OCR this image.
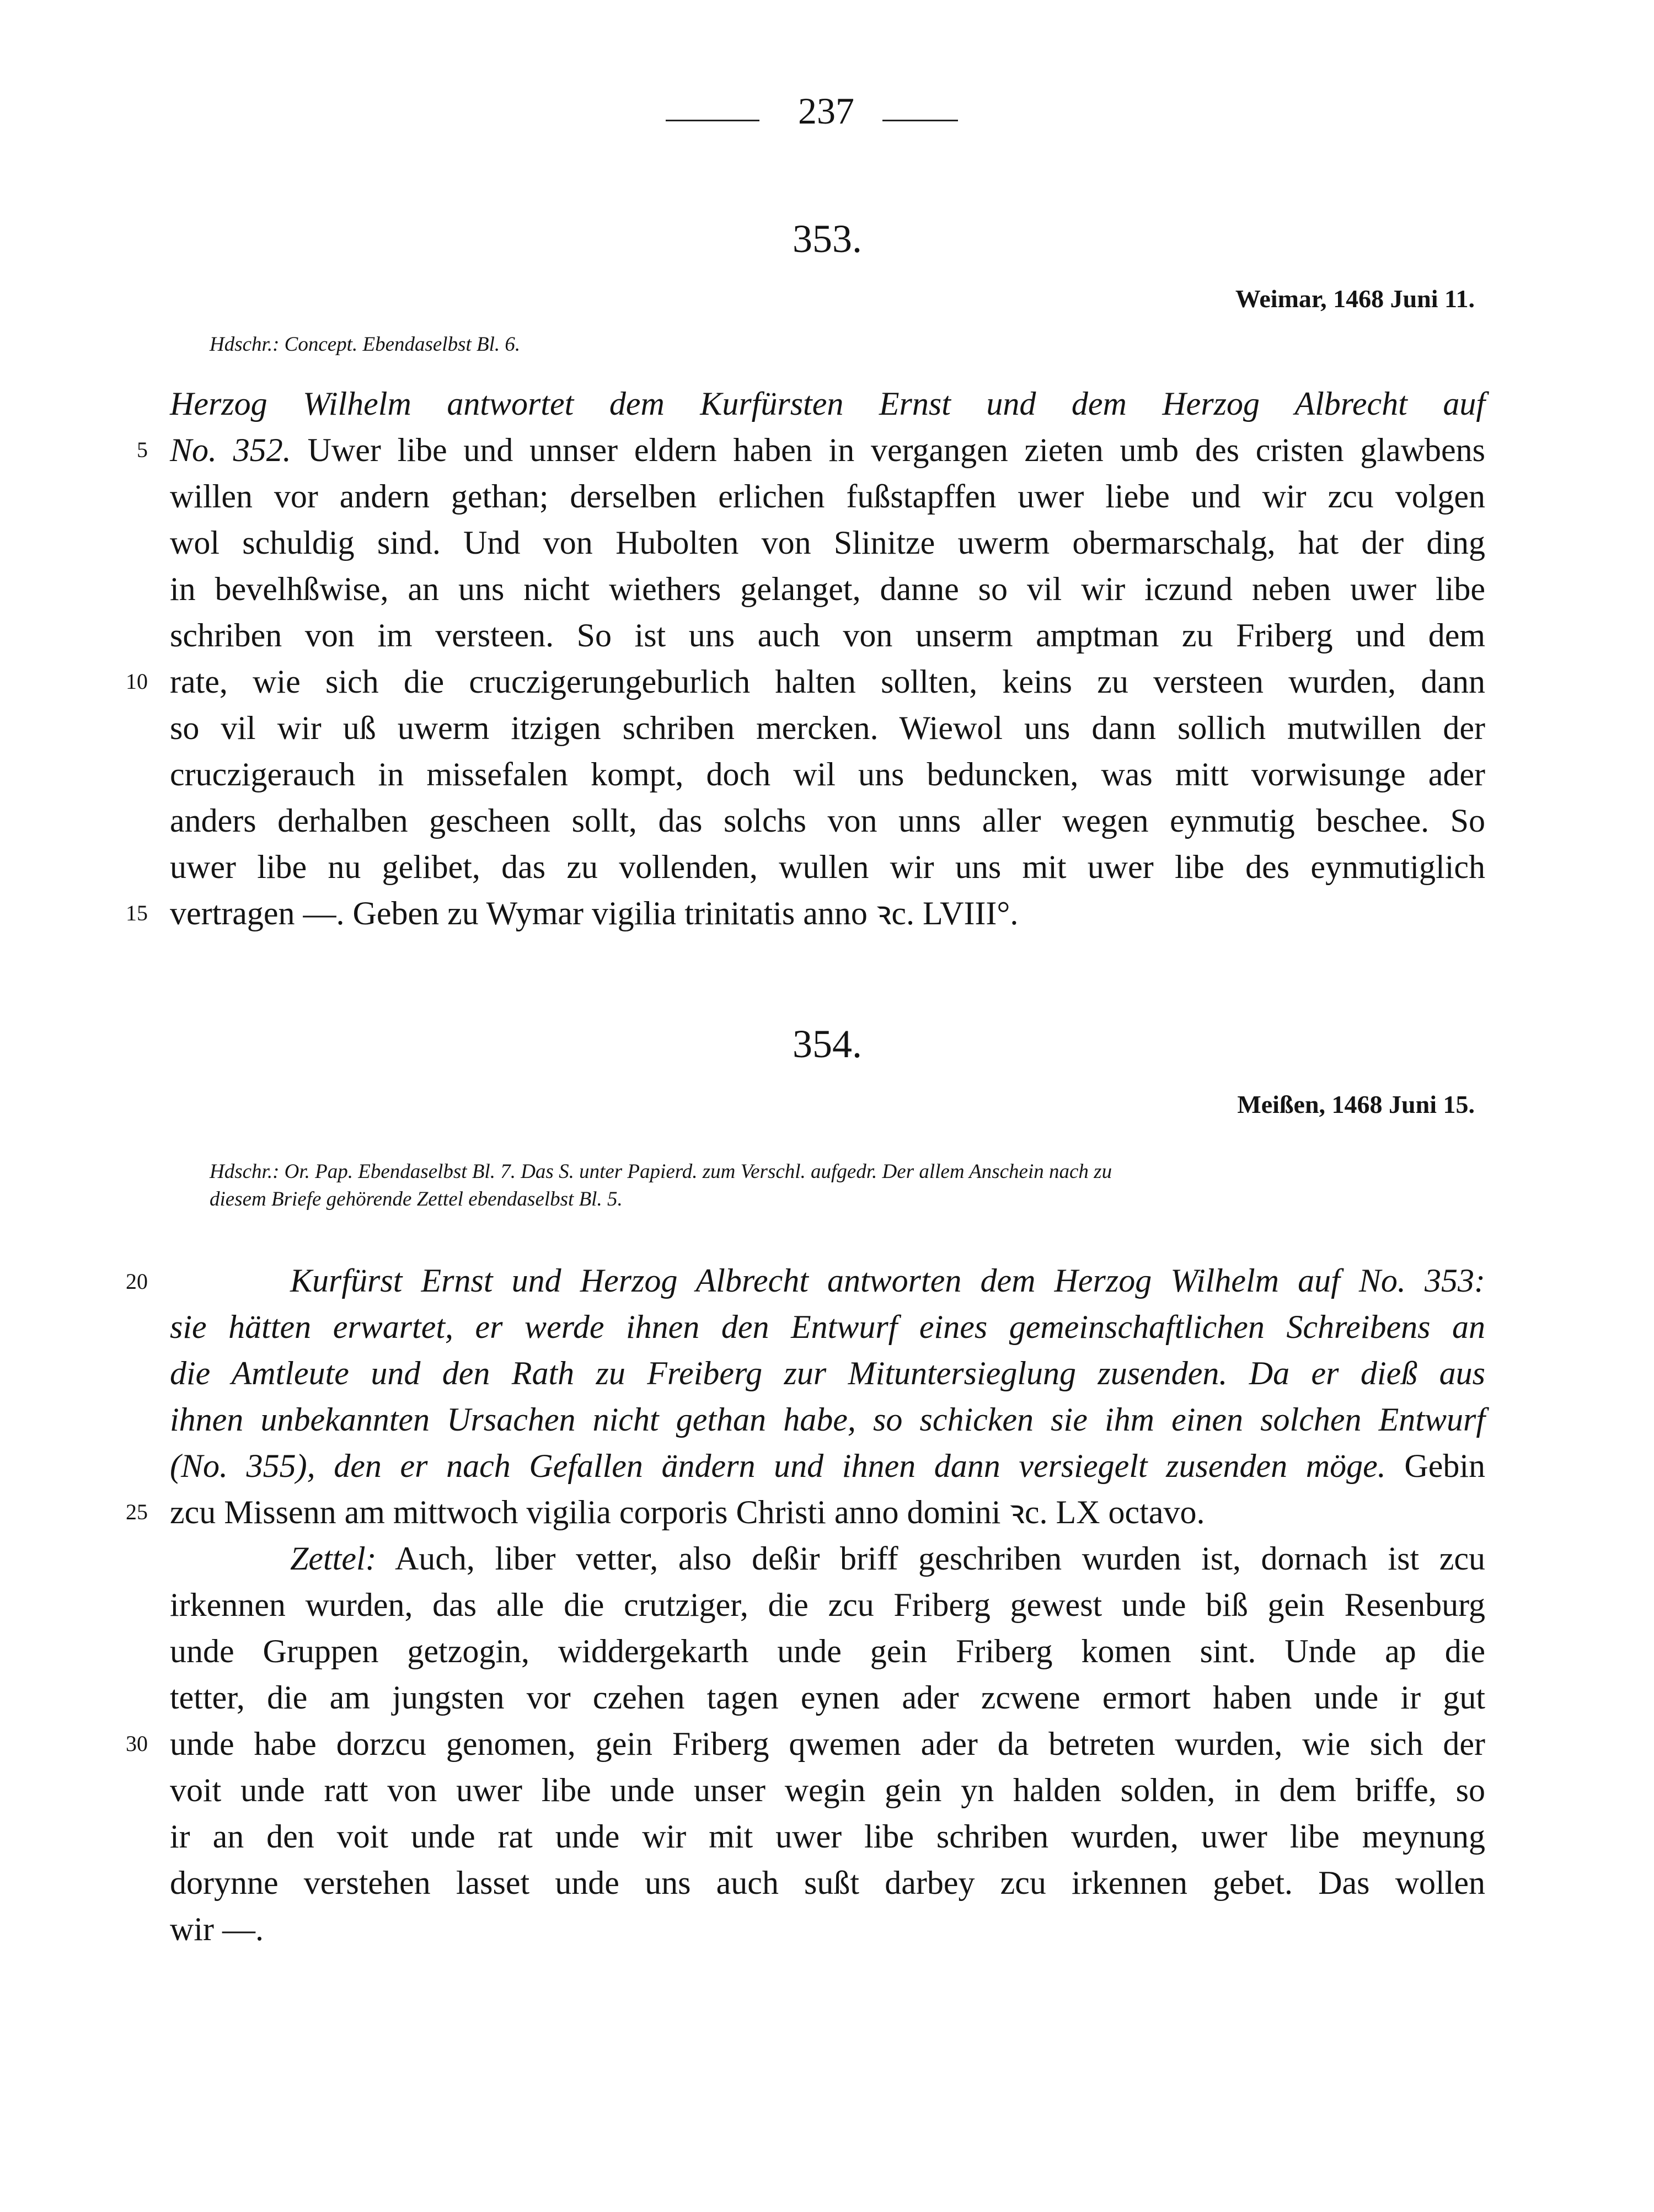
237
353.
Weimar, 1468 Juni 11.
Hdschr.: Concept. Ebendaselbst Bl. 6.
Herzog Wilhelm antwortet dem Kurfürsten Ernst und dem Herzog Albrecht auf
5 No. 352. Uwer libe und unnser eldern haben in vergangen zieten umb des cristen glawbens
willen vor andern gethan; derselben erlichen fußstapffen uwer liebe und wir zcu volgen
wol schuldig sind. Und von Hubolten von Slinitze uwerm obermarschalg, hat der ding
in bevelhßwise, an uns nicht wiethers gelanget, danne so vil wir iczund neben uwer libe
schriben von im versteen. So ist uns auch von unserm amptman zu Friberg und dem
10 rate, wie sich die cruczigerungeburlich halten sollten, keins zu versteen wurden, dann
so vil wir uß uwerm itzigen schriben mercken. Wiewol uns dann sollich mutwillen der
cruczigerauch in missefalen kompt, doch wil uns beduncken, was mitt vorwisunge ader
anders derhalben gescheen sollt, das solchs von unns aller wegen eynmutig beschee. So
uwer libe nu gelibet, das zu vollenden, wullen wir uns mit uwer libe des eynmutiglich
15 vertragen —. Geben zu Wymar vigilia trinitatis anno ꝛc. LVIII°.
354.
Meißen, 1468 Juni 15.
Hdschr.: Or. Pap. Ebendaselbst Bl. 7. Das S. unter Papierd. zum Verschl. aufgedr. Der allem Anschein nach zu
diesem Briefe gehörende Zettel ebendaselbst Bl. 5.
20	Kurfürst Ernst und Herzog Albrecht antworten dem Herzog Wilhelm auf No. 353:
sie hätten erwartet, er werde ihnen den Entwurf eines gemeinschaftlichen Schreibens an
die Amtleute und den Rath zu Freiberg zur Mituntersieglung zusenden. Da er dieß aus
ihnen unbekannten Ursachen nicht gethan habe, so schicken sie ihm einen solchen Entwurf
(No. 355), den er nach Gefallen ändern und ihnen dann versiegelt zusenden möge. Gebin
25 zcu Missenn am mittwoch vigilia corporis Christi anno domini ꝛc. LX octavo.
Zettel: Auch, liber vetter, also deßir briff geschriben wurden ist, dornach ist zcu
irkennen wurden, das alle die crutziger, die zcu Friberg gewest unde biß gein Resenburg
unde Gruppen getzogin, widdergekarth unde gein Friberg komen sint. Unde ap die
tetter, die am jungsten vor czehen tagen eynen ader zcwene ermort haben unde ir gut
30 unde habe dorzcu genomen, gein Friberg qwemen ader da betreten wurden, wie sich der
voit unde ratt von uwer libe unde unser wegin gein yn halden solden, in dem briffe, so
ir an den voit unde rat unde wir mit uwer libe schriben wurden, uwer libe meynung
dorynne verstehen lasset unde uns auch sußt darbey zcu irkennen gebet. Das wollen
wir —.
